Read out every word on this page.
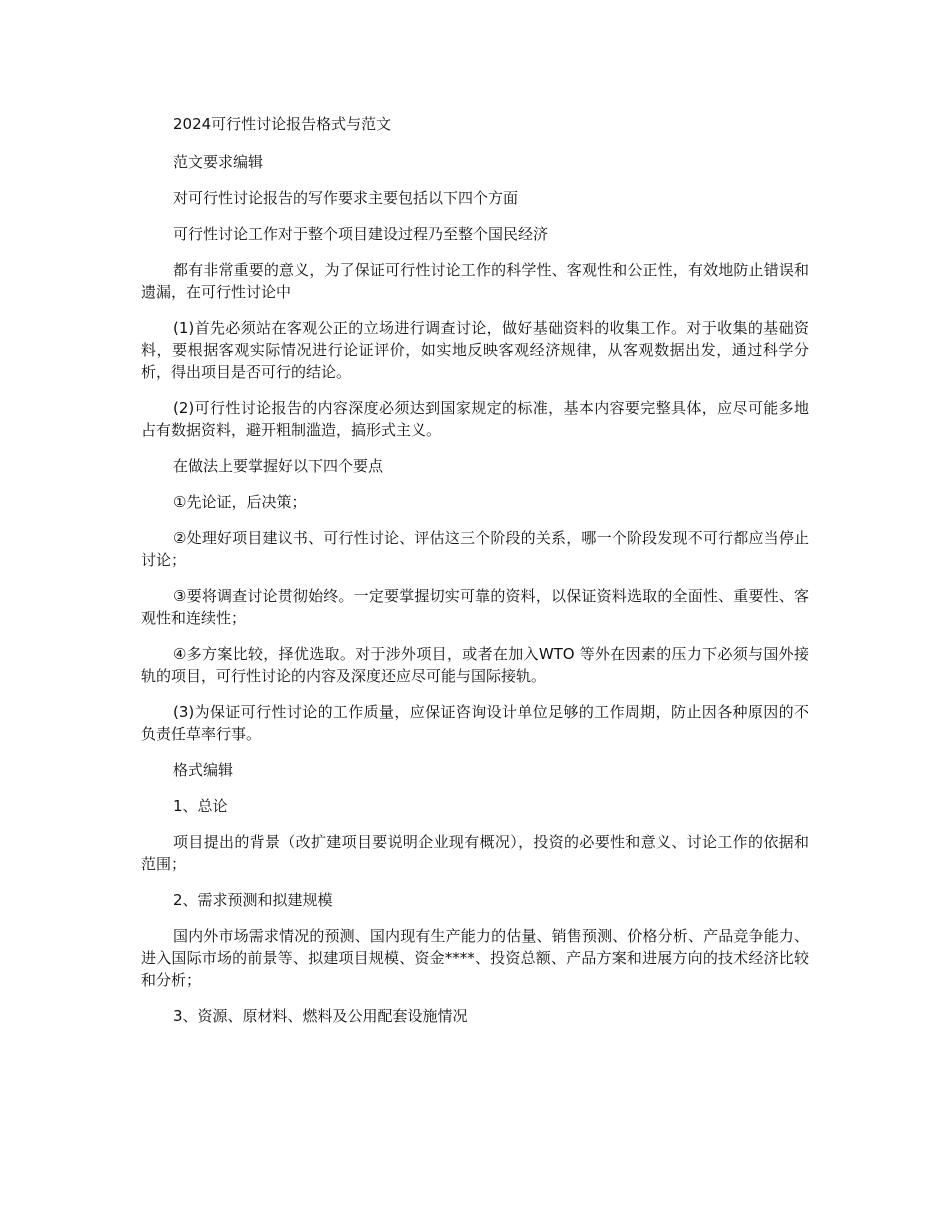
2024可行性讨论报告格式与范文

范文要求编辑

对可行性讨论报告的写作要求主要包括以下四个方面

可行性讨论工作对于整个项目建设过程乃至整个国民经济

都有非常重要的意义，为了保证可行性讨论工作的科学性、客观性和公正性，有效地防止错误和遗漏，在可行性讨论中

(1)首先必须站在客观公正的立场进行调查讨论，做好基础资料的收集工作。对于收集的基础资料，要根据客观实际情况进行论证评价，如实地反映客观经济规律，从客观数据出发，通过科学分析，得出项目是否可行的结论。

(2)可行性讨论报告的内容深度必须达到国家规定的标准，基本内容要完整具体，应尽可能多地占有数据资料，避开粗制滥造，搞形式主义。

在做法上要掌握好以下四个要点

①先论证，后决策；

②处理好项目建议书、可行性讨论、评估这三个阶段的关系，哪一个阶段发现不可行都应当停止讨论；

③要将调查讨论贯彻始终。一定要掌握切实可靠的资料，以保证资料选取的全面性、重要性、客观性和连续性；

④多方案比较，择优选取。对于涉外项目，或者在加入WTO 等外在因素的压力下必须与国外接轨的项目，可行性讨论的内容及深度还应尽可能与国际接轨。

(3)为保证可行性讨论的工作质量，应保证咨询设计单位足够的工作周期，防止因各种原因的不负责任草率行事。

格式编辑

1、总论

项目提出的背景（改扩建项目要说明企业现有概况），投资的必要性和意义、讨论工作的依据和范围；

2、需求预测和拟建规模

国内外市场需求情况的预测、国内现有生产能力的估量、销售预测、价格分析、产品竞争能力、进入国际市场的前景等、拟建项目规模、资金****、投资总额、产品方案和进展方向的技术经济比较和分析；

3、资源、原材料、燃料及公用配套设施情况
